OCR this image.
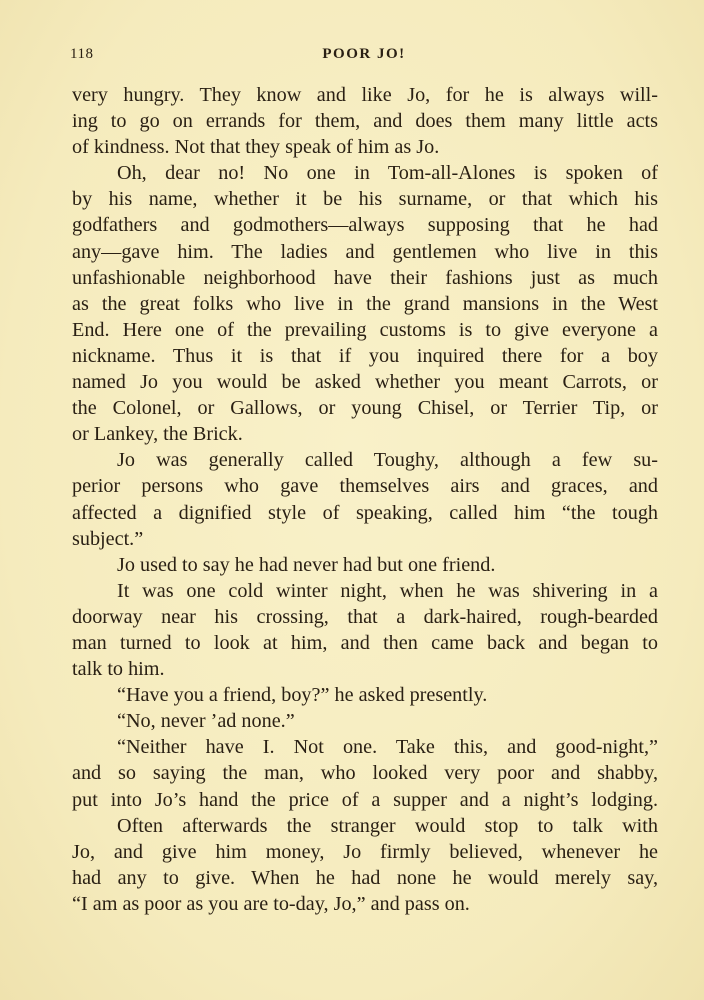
118	POOR JO!
very hungry. They know and like Jo, for he is always will-
ing to go on errands for them, and does them many little acts
of kindness. Not that they speak of him as Jo.
Oh, dear no! No one in Tom-all-Alones is spoken of
by his name, whether it be his surname, or that which his
godfathers and godmothers—always supposing that he had
any—gave him. The ladies and gentlemen who live in this
unfashionable neighborhood have their fashions just as much
as the great folks who live in the grand mansions in the West
End. Here one of the prevailing customs is to give everyone a
nickname. Thus it is that if you inquired there for a boy
named Jo you would be asked whether you meant Carrots, or
the Colonel, or Gallows, or young Chisel, or Terrier Tip, or
or Lankey, the Brick.
Jo was generally called Toughy, although a few su-
perior persons who gave themselves airs and graces, and
affected a dignified style of speaking, called him “the tough
subject.”
Jo used to say he had never had but one friend.
It was one cold winter night, when he was shivering in a
doorway near his crossing, that a dark-haired, rough-bearded
man turned to look at him, and then came back and began to
talk to him.
“Have you a friend, boy?” he asked presently.
“No, never ’ad none.”
“Neither have I. Not one. Take this, and good-night,”
and so saying the man, who looked very poor and shabby,
put into Jo’s hand the price of a supper and a night’s lodging.
Often afterwards the stranger would stop to talk with
Jo, and give him money, Jo firmly believed, whenever he
had any to give. When he had none he would merely say,
“I am as poor as you are to-day, Jo,” and pass on.
